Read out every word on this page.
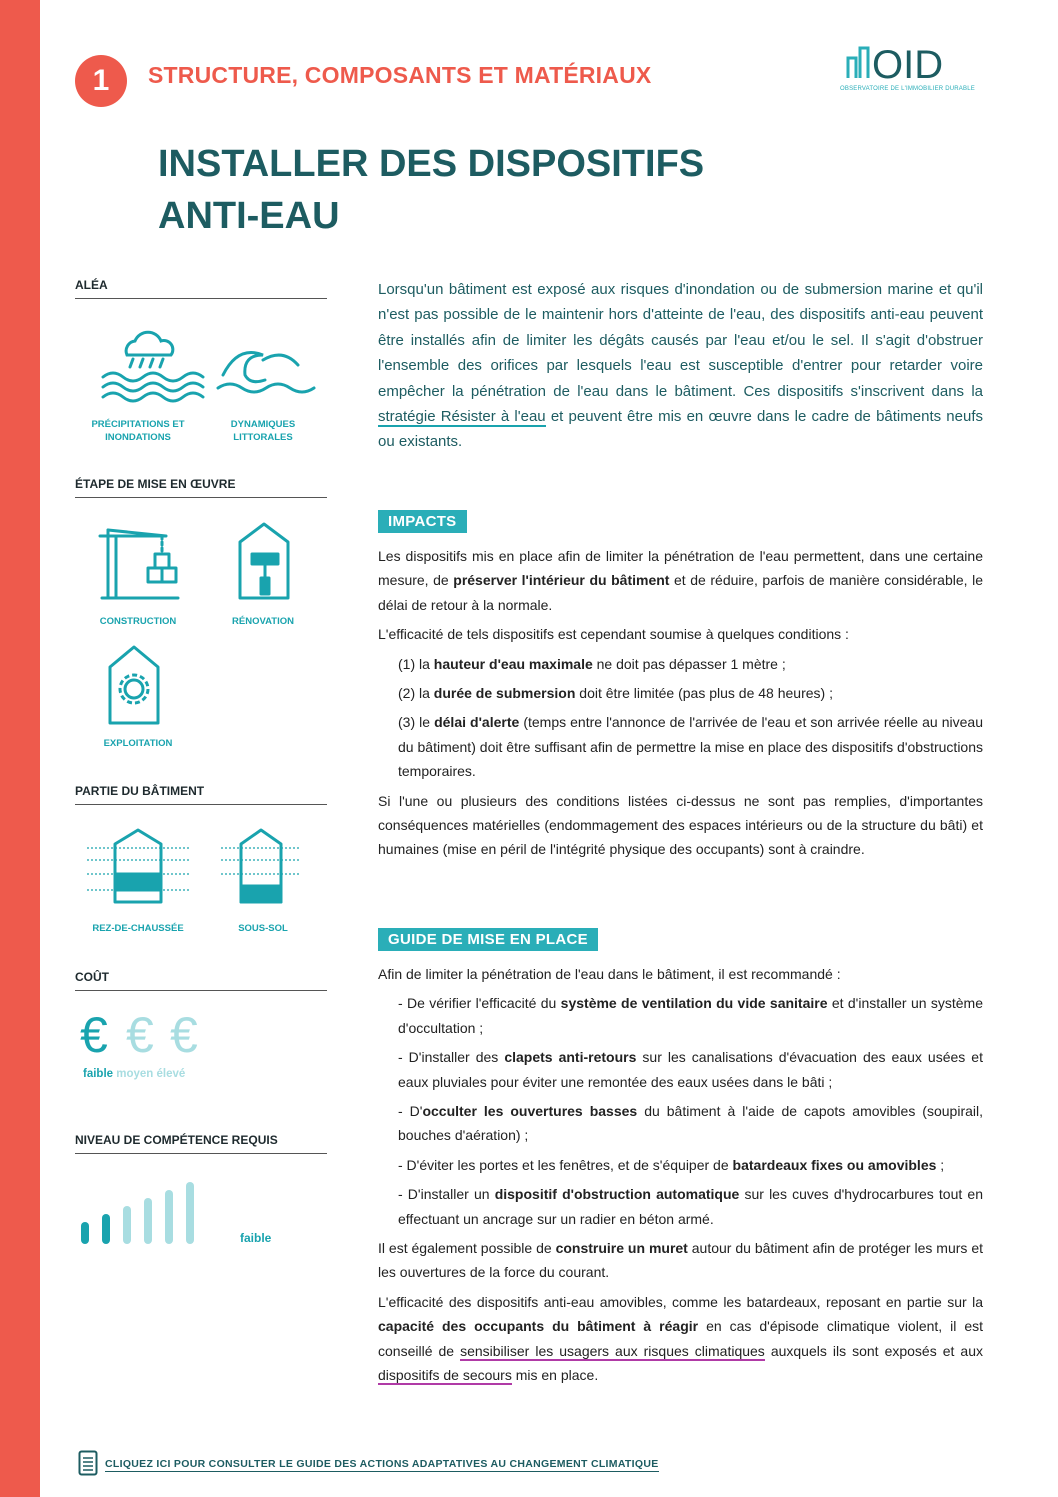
1	STRUCTURE, COMPOSANTS ET MATÉRIAUX
INSTALLER DES DISPOSITIFS
ANTI-EAU
OID
OBSERVATOIRE DE L'IMMOBILIER DURABLE
ALÉA
PRÉCIPITATIONS ET
INONDATIONS
DYNAMIQUES
LITTORALES
ÉTAPE DE MISE EN ŒUVRE
CONSTRUCTION	RÉNOVATION
EXPLOITATION
PARTIE DU BÂTIMENT
REZ-DE-CHAUSSÉE	SOUS-SOL
COÛT
€ € €
faible moyen élevé
NIVEAU DE COMPÉTENCE REQUIS
faible

Lorsqu'un bâtiment est exposé aux risques d'inondation ou de submersion marine et qu'il n'est pas possible de le maintenir hors d'atteinte de l'eau, des dispositifs anti-eau peuvent être installés afin de limiter les dégâts causés par l'eau et/ou le sel. Il s'agit d'obstruer l'ensemble des orifices par lesquels l'eau est susceptible d'entrer pour retarder voire empêcher la pénétration de l'eau dans le bâtiment. Ces dispositifs s'inscrivent dans la stratégie Résister à l'eau et peuvent être mis en œuvre dans le cadre de bâtiments neufs ou existants.

IMPACTS

Les dispositifs mis en place afin de limiter la pénétration de l'eau permettent, dans une certaine mesure, de préserver l'intérieur du bâtiment et de réduire, parfois de manière considérable, le délai de retour à la normale.

L'efficacité de tels dispositifs est cependant soumise à quelques conditions :

(1) la hauteur d'eau maximale ne doit pas dépasser 1 mètre ;

(2) la durée de submersion doit être limitée (pas plus de 48 heures) ;

(3) le délai d'alerte (temps entre l'annonce de l'arrivée de l'eau et son arrivée réelle au niveau du bâtiment) doit être suffisant afin de permettre la mise en place des dispositifs d'obstructions temporaires.

Si l'une ou plusieurs des conditions listées ci-dessus ne sont pas remplies, d'importantes conséquences matérielles (endommagement des espaces intérieurs ou de la structure du bâti) et humaines (mise en péril de l'intégrité physique des occupants) sont à craindre.

GUIDE DE MISE EN PLACE

Afin de limiter la pénétration de l'eau dans le bâtiment, il est recommandé :

- De vérifier l'efficacité du système de ventilation du vide sanitaire et d'installer un système d'occultation ;

- D'installer des clapets anti-retours sur les canalisations d'évacuation des eaux usées et eaux pluviales pour éviter une remontée des eaux usées dans le bâti ;

- D'occulter les ouvertures basses du bâtiment à l'aide de capots amovibles (soupirail, bouches d'aération) ;

- D'éviter les portes et les fenêtres, et de s'équiper de batardeaux fixes ou amovibles ;

- D'installer un dispositif d'obstruction automatique sur les cuves d'hydrocarbures tout en effectuant un ancrage sur un radier en béton armé.

Il est également possible de construire un muret autour du bâtiment afin de protéger les murs et les ouvertures de la force du courant.

L'efficacité des dispositifs anti-eau amovibles, comme les batardeaux, reposant en partie sur la capacité des occupants du bâtiment à réagir en cas d'épisode climatique violent, il est conseillé de sensibiliser les usagers aux risques climatiques auxquels ils sont exposés et aux dispositifs de secours mis en place.

CLIQUEZ ICI POUR CONSULTER LE GUIDE DES ACTIONS ADAPTATIVES AU CHANGEMENT CLIMATIQUE
